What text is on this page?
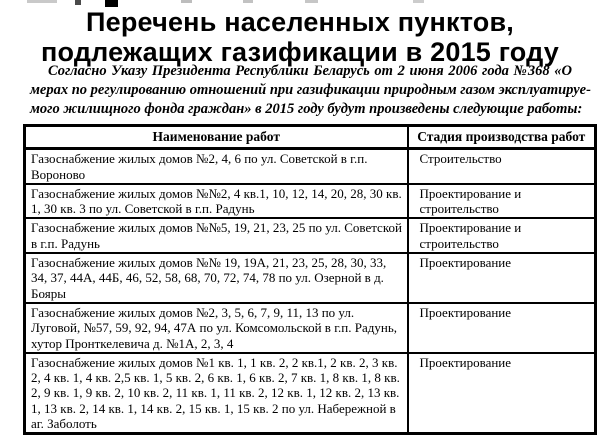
Перечень населенных пунктов,
подлежащих газификации в 2015 году
Согласно Указу Президента Республики Беларусь от 2 июня 2006 года №368 «О
мерах по регулированию отношений при газификации природным газом эксплуатируе-
мого жилищного фонда граждан» в 2015 году будут произведены следующие работы:
Наименование работ	Стадия производства работ
Газоснабжение жилых домов №2, 4, 6 по ул. Советской в г.п. Вороново	Строительство
Газоснабжение жилых домов №№2, 4 кв.1, 10, 12, 14, 20, 28, 30 кв. 1, 30 кв. 3 по ул. Советской в г.п. Радунь	Проектирование и строительство
Газоснабжение жилых домов №№5, 19, 21, 23, 25 по ул. Советской в г.п. Радунь	Проектирование и строительство
Газоснабжение жилых домов №№ 19, 19А, 21, 23, 25, 28, 30, 33, 34, 37, 44А, 44Б, 46, 52, 58, 68, 70, 72, 74, 78 по ул. Озерной в д. Бояры	Проектирование
Газоснабжение жилых домов №2, 3, 5, 6, 7, 9, 11, 13 по ул. Луговой, №57, 59, 92, 94, 47А по ул. Комсомольской в г.п. Радунь, хутор Пронткелевича д. №1А, 2, 3, 4	Проектирование
Газоснабжение жилых домов №1 кв. 1, 1 кв. 2, 2 кв.1, 2 кв. 2, 3 кв. 2, 4 кв. 1, 4 кв. 2,5 кв. 1, 5 кв. 2, 6 кв. 1, 6 кв. 2, 7 кв. 1, 8 кв. 1, 8 кв. 2, 9 кв. 1, 9 кв. 2, 10 кв. 2, 11 кв. 1, 11 кв. 2, 12 кв. 1, 12 кв. 2, 13 кв. 1, 13 кв. 2, 14 кв. 1, 14 кв. 2, 15 кв. 1, 15 кв. 2 по ул. Набережной в аг. Заболоть	Проектирование
